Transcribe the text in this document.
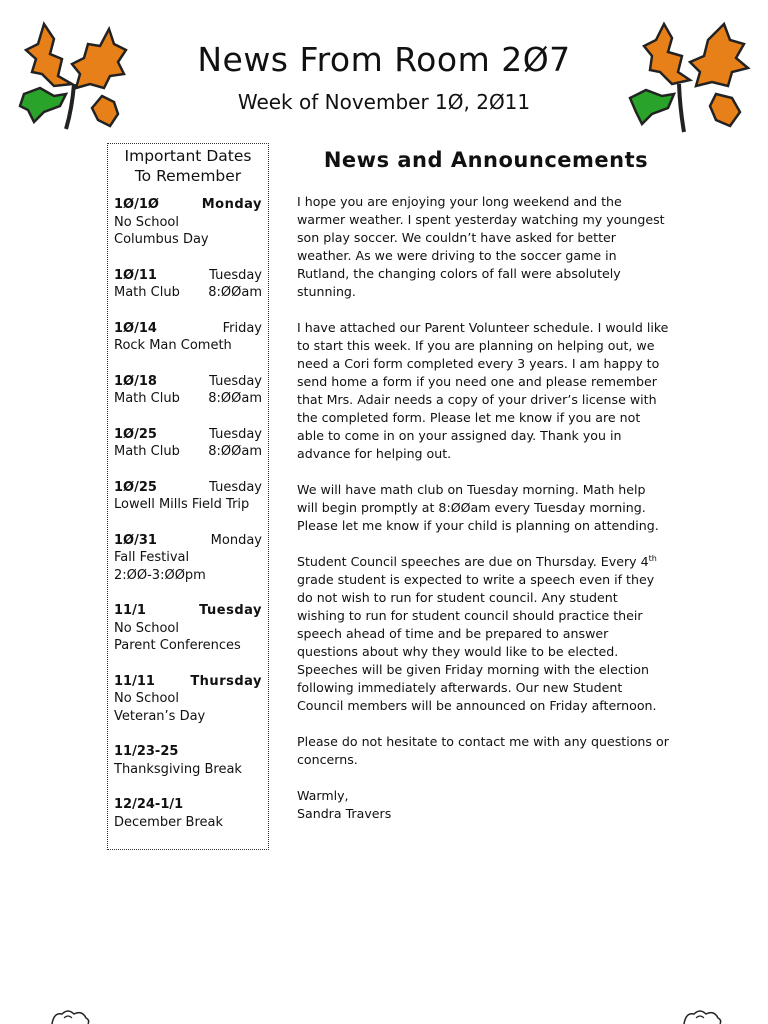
News From Room 2Ø7
Week of November 1Ø, 2Ø11
Important Dates
To Remember
1Ø/1Ø	Monday
No School
Columbus Day
1Ø/11	Tuesday
Math Club 8:ØØam
1Ø/14	Friday
Rock Man Cometh
1Ø/18	Tuesday
Math Club 8:ØØam
1Ø/25	Tuesday
Math Club 8:ØØam
1Ø/25	Tuesday
Lowell Mills Field Trip
1Ø/31	Monday
Fall Festival
2:ØØ-3:ØØpm
11/1	Tuesday
No School
Parent Conferences
11/11	Thursday
No School
Veteran’s Day
11/23-25
Thanksgiving Break
12/24-1/1
December Break
News and Announcements

I hope you are enjoying your long weekend and the warmer weather. I spent yesterday watching my youngest son play soccer. We couldn’t have asked for better weather. As we were driving to the soccer game in Rutland, the changing colors of fall were absolutely stunning.

I have attached our Parent Volunteer schedule. I would like to start this week. If you are planning on helping out, we need a Cori form completed every 3 years. I am happy to send home a form if you need one and please remember that Mrs. Adair needs a copy of your driver’s license with the completed form. Please let me know if you are not able to come in on your assigned day. Thank you in advance for helping out.

We will have math club on Tuesday morning. Math help will begin promptly at 8:ØØam every Tuesday morning. Please let me know if your child is planning on attending.

Student Council speeches are due on Thursday. Every 4th grade student is expected to write a speech even if they do not wish to run for student council. Any student wishing to run for student council should practice their speech ahead of time and be prepared to answer questions about why they would like to be elected. Speeches will be given Friday morning with the election following immediately afterwards. Our new Student Council members will be announced on Friday afternoon.

Please do not hesitate to contact me with any questions or concerns.

Warmly,
Sandra Travers
